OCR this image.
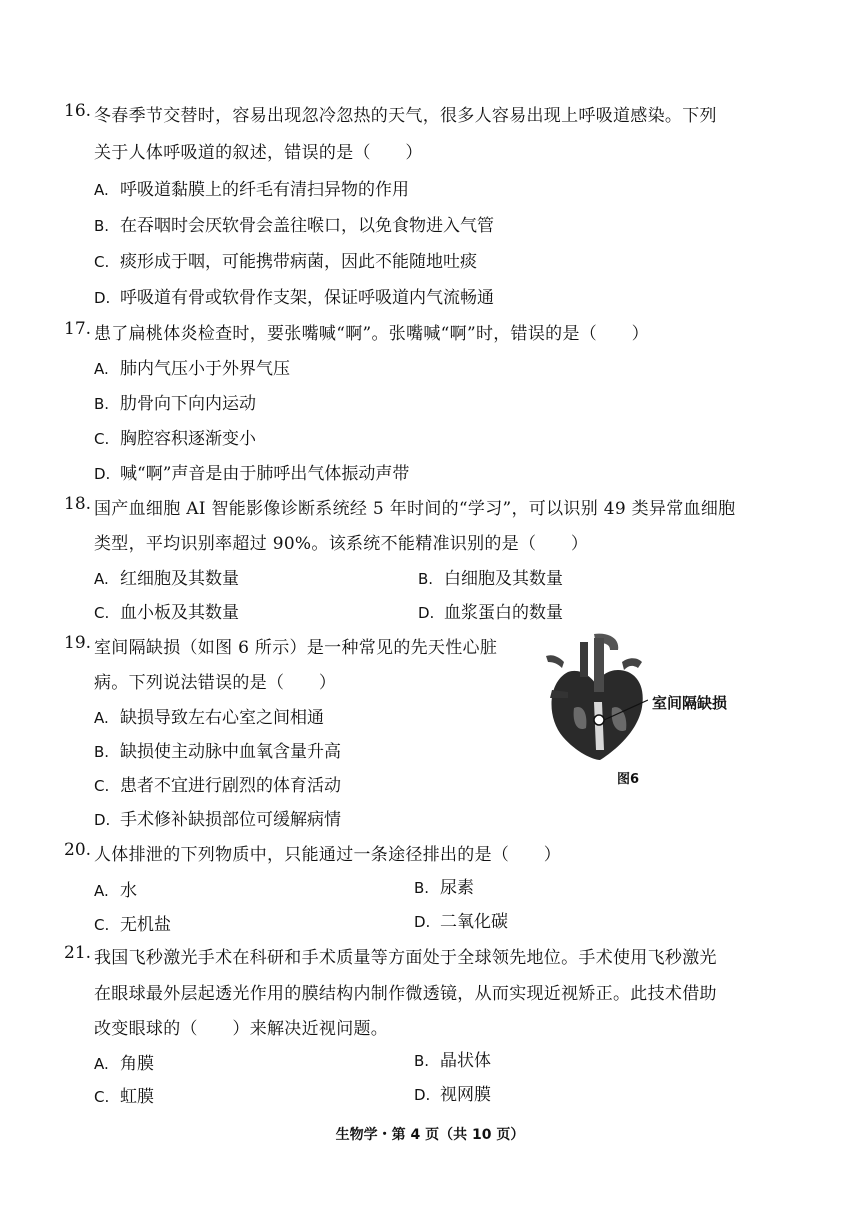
16. 冬春季节交替时，容易出现忽冷忽热的天气，很多人容易出现上呼吸道感染。下列
关于人体呼吸道的叙述，错误的是（　　）
A. 呼吸道黏膜上的纤毛有清扫异物的作用
B. 在吞咽时会厌软骨会盖往喉口，以免食物进入气管
C. 痰形成于咽，可能携带病菌，因此不能随地吐痰
D. 呼吸道有骨或软骨作支架，保证呼吸道内气流畅通
17. 患了扁桃体炎检查时，要张嘴喊“啊”。张嘴喊“啊”时，错误的是（　　）
A. 肺内气压小于外界气压
B. 肋骨向下向内运动
C. 胸腔容积逐渐变小
D. 喊“啊”声音是由于肺呼出气体振动声带
18. 国产血细胞 AI 智能影像诊断系统经 5 年时间的“学习”，可以识别 49 类异常血细胞
类型，平均识别率超过 90%。该系统不能精准识别的是（　　）
A. 红细胞及其数量	B. 白细胞及其数量
C. 血小板及其数量	D. 血浆蛋白的数量
19. 室间隔缺损（如图 6 所示）是一种常见的先天性心脏
病。下列说法错误的是（　　）
A. 缺损导致左右心室之间相通
B. 缺损使主动脉中血氧含量升高
C. 患者不宜进行剧烈的体育活动
D. 手术修补缺损部位可缓解病情
室间隔缺损
图6
20. 人体排泄的下列物质中，只能通过一条途径排出的是（　　）
A. 水	B. 尿素
C. 无机盐	D. 二氧化碳
21. 我国飞秒激光手术在科研和手术质量等方面处于全球领先地位。手术使用飞秒激光
在眼球最外层起透光作用的膜结构内制作微透镜，从而实现近视矫正。此技术借助
改变眼球的（　　）来解决近视问题。
A. 角膜	B. 晶状体
C. 虹膜	D. 视网膜
生物学・第 4 页（共 10 页）
